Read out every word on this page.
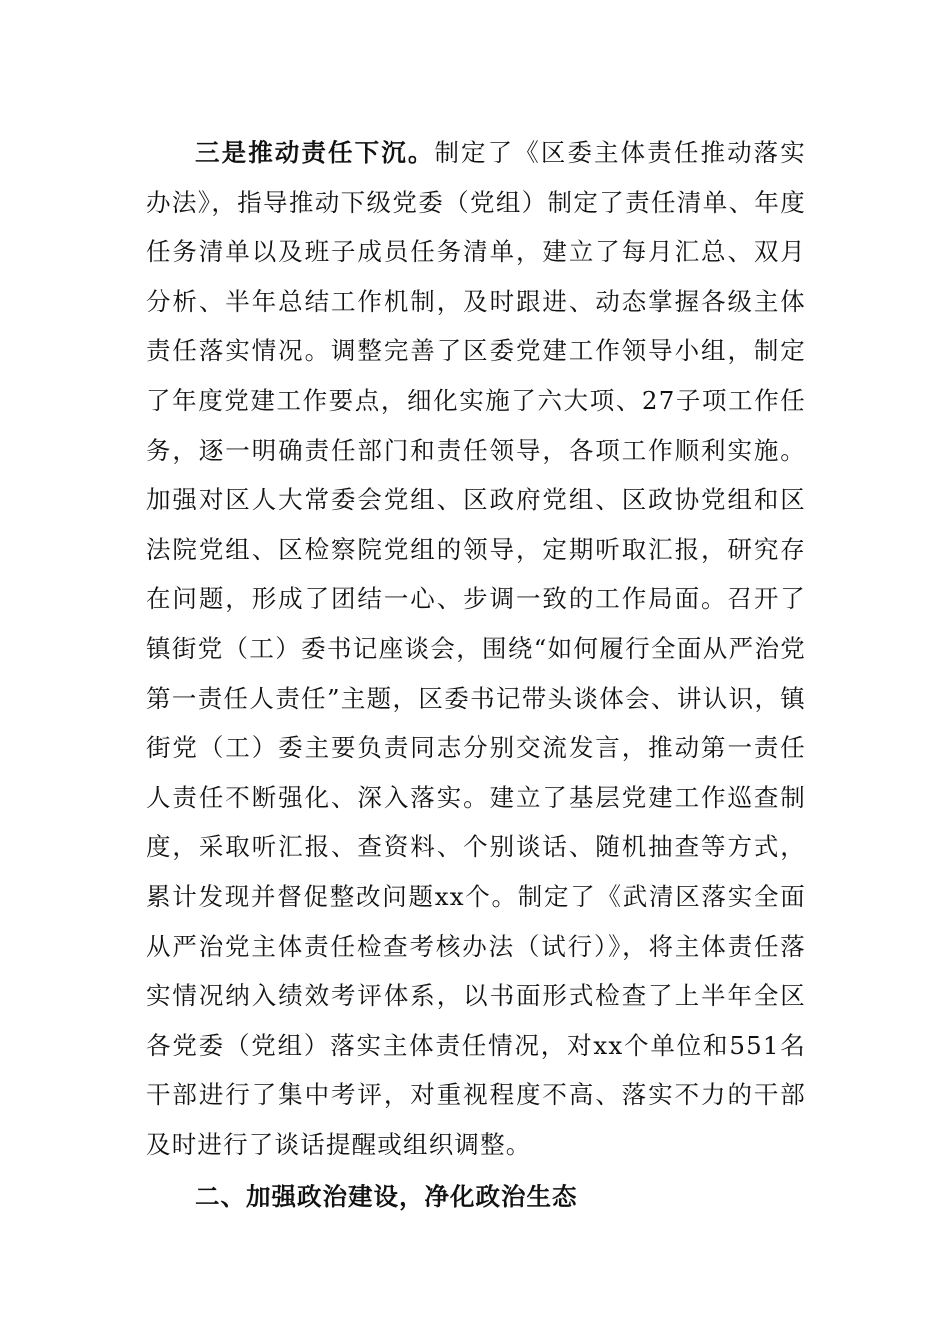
三是推动责任下沉。制定了《区委主体责任推动落实办法》，指导推动下级党委（党组）制定了责任清单、年度任务清单以及班子成员任务清单，建立了每月汇总、双月分析、半年总结工作机制，及时跟进、动态掌握各级主体责任落实情况。调整完善了区委党建工作领导小组，制定了年度党建工作要点，细化实施了六大项、27子项工作任务，逐一明确责任部门和责任领导，各项工作顺利实施。加强对区人大常委会党组、区政府党组、区政协党组和区法院党组、区检察院党组的领导，定期听取汇报，研究存在问题，形成了团结一心、步调一致的工作局面。召开了镇街党（工）委书记座谈会，围绕“如何履行全面从严治党第一责任人责任”主题，区委书记带头谈体会、讲认识，镇街党（工）委主要负责同志分别交流发言，推动第一责任人责任不断强化、深入落实。建立了基层党建工作巡查制度，采取听汇报、查资料、个别谈话、随机抽查等方式，累计发现并督促整改问题xx个。制定了《武清区落实全面从严治党主体责任检查考核办法（试行）》，将主体责任落实情况纳入绩效考评体系，以书面形式检查了上半年全区各党委（党组）落实主体责任情况，对xx个单位和551名干部进行了集中考评，对重视程度不高、落实不力的干部及时进行了谈话提醒或组织调整。

二、加强政治建设，净化政治生态
